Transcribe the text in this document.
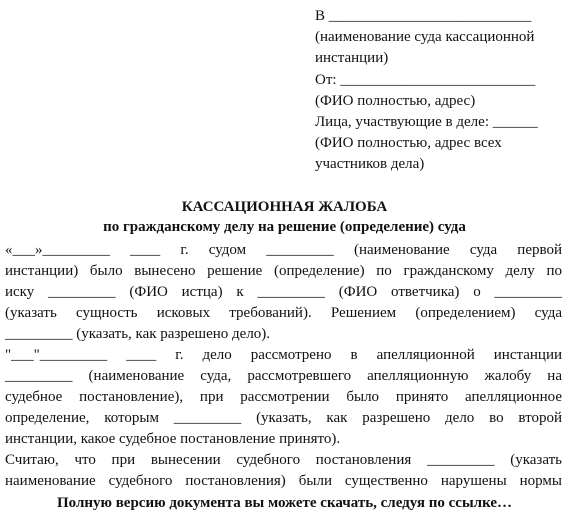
В ___________________________
(наименование суда кассационной
инстанции)
От: __________________________
(ФИО полностью, адрес)
Лица, участвующие в деле: ______
(ФИО полностью, адрес всех
участников дела)
КАССАЦИОННАЯ ЖАЛОБА
по гражданскому делу на решение (определение) суда
«___»_________ ____ г. судом _________ (наименование суда первой
инстанции) было вынесено решение (определение) по гражданскому делу по
иску _________ (ФИО истца) к _________ (ФИО ответчика) о _________
(указать сущность исковых требований). Решением (определением) суда
_________ (указать, как разрешено дело).
"___"_________ ____ г. дело рассмотрено в апелляционной инстанции
_________ (наименование суда, рассмотревшего апелляционную жалобу на
судебное постановление), при рассмотрении было принято апелляционное
определение, которым _________ (указать, как разрешено дело во второй
инстанции, какое судебное постановление принято).
Считаю, что при вынесении судебного постановления _________ (указать
наименование судебного постановления) были существенно нарушены нормы
Полную версию документа вы можете скачать, следуя по ссылке…
